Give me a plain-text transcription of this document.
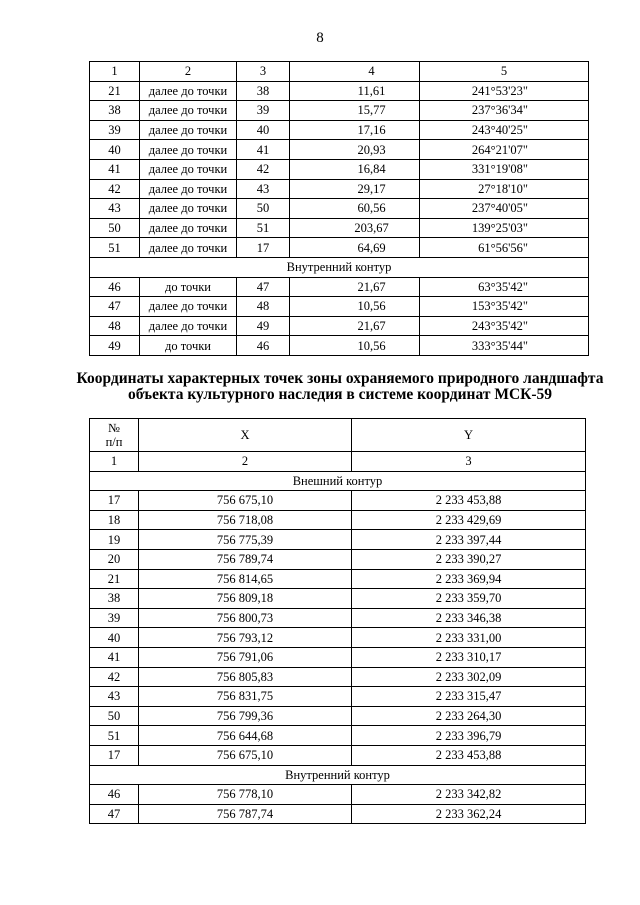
8
1	2	3	4	5
21	далее до точки	38	11,61	241°53'23"
38	далее до точки	39	15,77	237°36'34"
39	далее до точки	40	17,16	243°40'25"
40	далее до точки	41	20,93	264°21'07"
41	далее до точки	42	16,84	331°19'08"
42	далее до точки	43	29,17	27°18'10"
43	далее до точки	50	60,56	237°40'05"
50	далее до точки	51	203,67	139°25'03"
51	далее до точки	17	64,69	61°56'56"
Внутренний контур				
46	до точки	47	21,67	63°35'42"
47	далее до точки	48	10,56	153°35'42"
48	далее до точки	49	21,67	243°35'42"
49	до точки	46	10,56	333°35'44"
Координаты характерных точек зоны охраняемого природного ландшафта
объекта культурного наследия в системе координат МСК-59
№
п/п	X	Y
1	2	3
Внешний контур		
17	756 675,10	2 233 453,88
18	756 718,08	2 233 429,69
19	756 775,39	2 233 397,44
20	756 789,74	2 233 390,27
21	756 814,65	2 233 369,94
38	756 809,18	2 233 359,70
39	756 800,73	2 233 346,38
40	756 793,12	2 233 331,00
41	756 791,06	2 233 310,17
42	756 805,83	2 233 302,09
43	756 831,75	2 233 315,47
50	756 799,36	2 233 264,30
51	756 644,68	2 233 396,79
17	756 675,10	2 233 453,88
Внутренний контур		
46	756 778,10	2 233 342,82
47	756 787,74	2 233 362,24
